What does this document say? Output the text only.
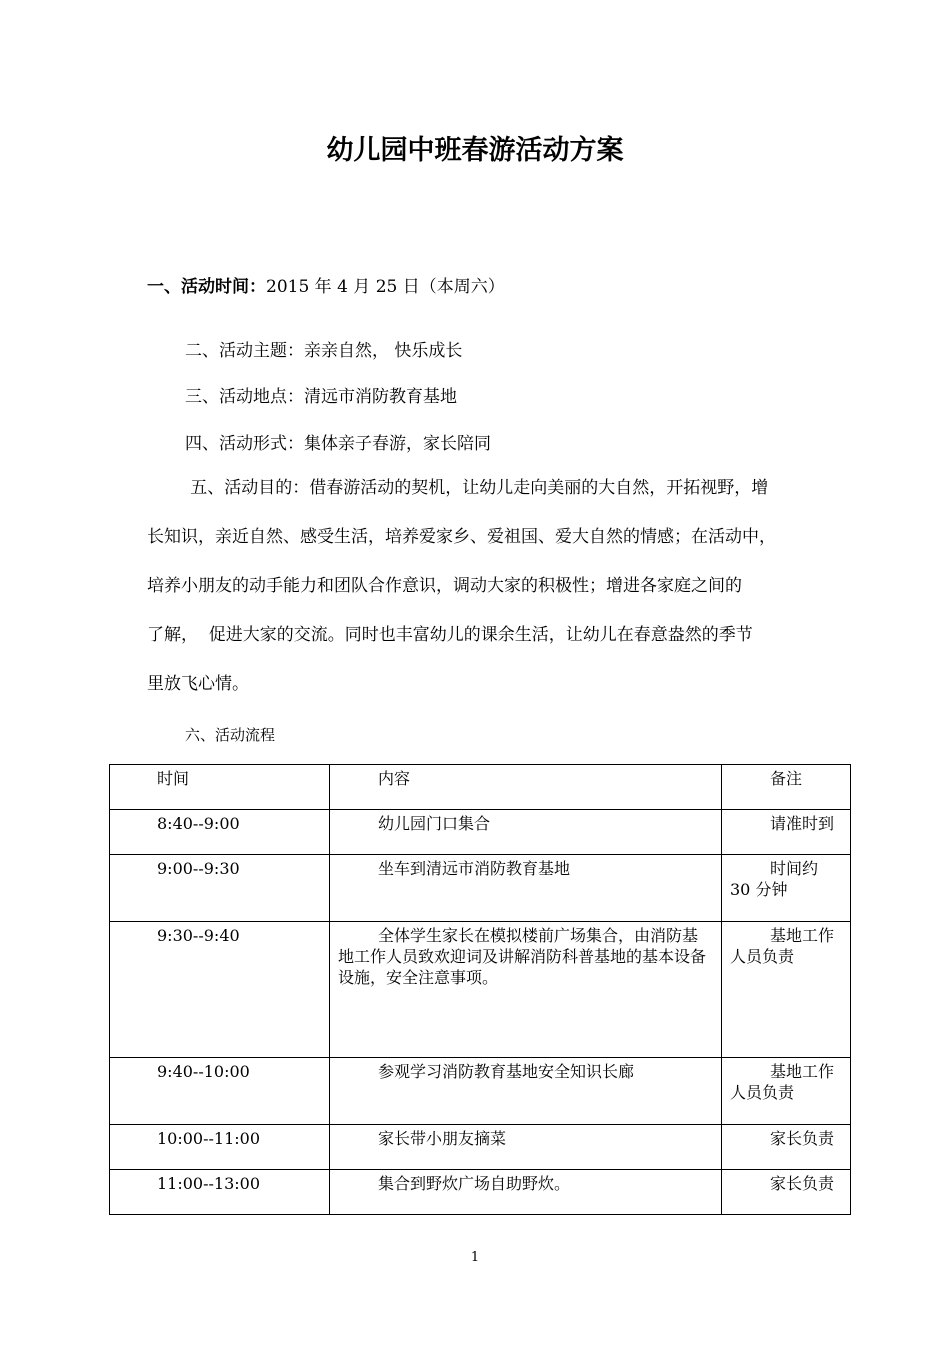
幼儿园中班春游活动方案
一、活动时间：2015 年 4 月 25 日（本周六）
二、活动主题：亲亲自然， 快乐成长
三、活动地点：清远市消防教育基地
四、活动形式：集体亲子春游，家长陪同
五、活动目的：借春游活动的契机，让幼儿走向美丽的大自然，开拓视野，增
长知识，亲近自然、感受生活，培养爱家乡、爱祖国、爱大自然的情感；在活动中，
培养小朋友的动手能力和团队合作意识，调动大家的积极性；增进各家庭之间的
了解，  促进大家的交流。同时也丰富幼儿的课余生活，让幼儿在春意盎然的季节
里放飞心情。
六、活动流程
时间	内容	备注
8:40--9:00	幼儿园门口集合	请准时到
9:00--9:30	坐车到清远市消防教育基地	时间约 30 分钟
9:30--9:40	全体学生家长在模拟楼前广场集合，由消防基地工作人员致欢迎词及讲解消防科普基地的基本设备设施，安全注意事项。	基地工作人员负责
9:40--10:00	参观学习消防教育基地安全知识长廊	基地工作人员负责
10:00--11:00	家长带小朋友摘菜	家长负责
11:00--13:00	集合到野炊广场自助野炊。	家长负责
1
